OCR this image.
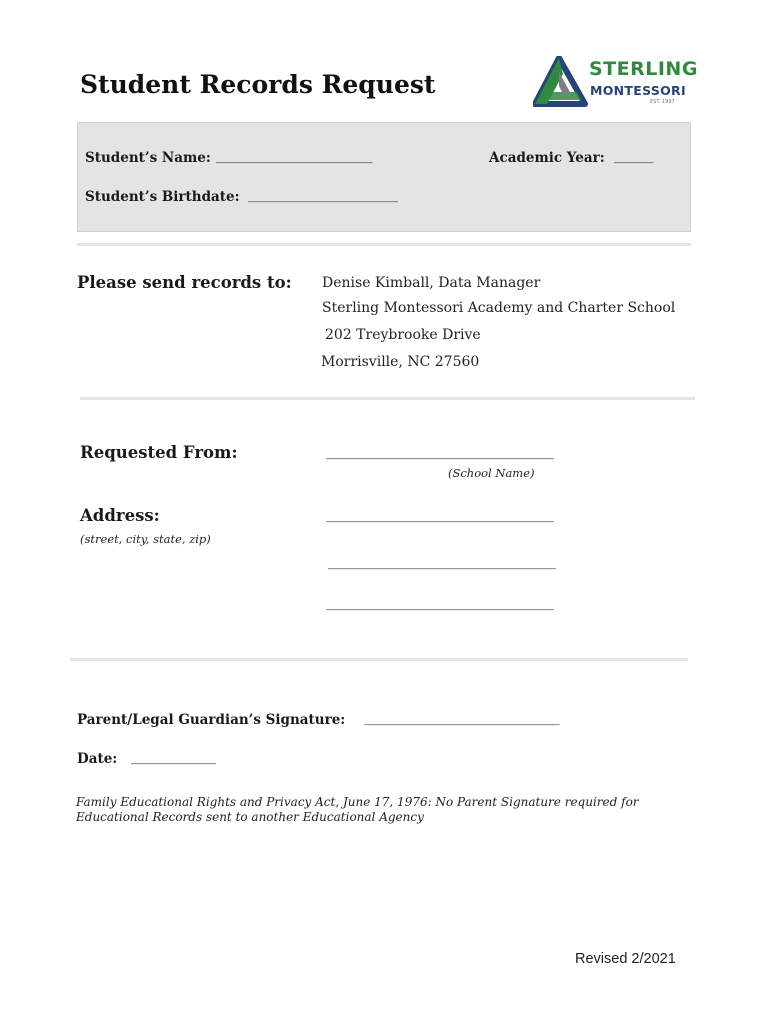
Student Records Request
STERLING
MONTESSORI
EST. 1997
Student’s Name: ________________________	Academic Year: ______
Student’s Birthdate: _______________________
Please send records to: Denise Kimball, Data Manager
Sterling Montessori Academy and Charter School
202 Treybrooke Drive
Morrisville, NC 27560
Requested From:	___________________________________
(School Name)
Address:
(street, city, state, zip)
___________________________________
___________________________________
___________________________________
Parent/Legal Guardian’s Signature: ______________________________
Date: _____________
Family Educational Rights and Privacy Act, June 17, 1976: No Parent Signature required for Educational Records sent to another Educational Agency
Revised 2/2021
